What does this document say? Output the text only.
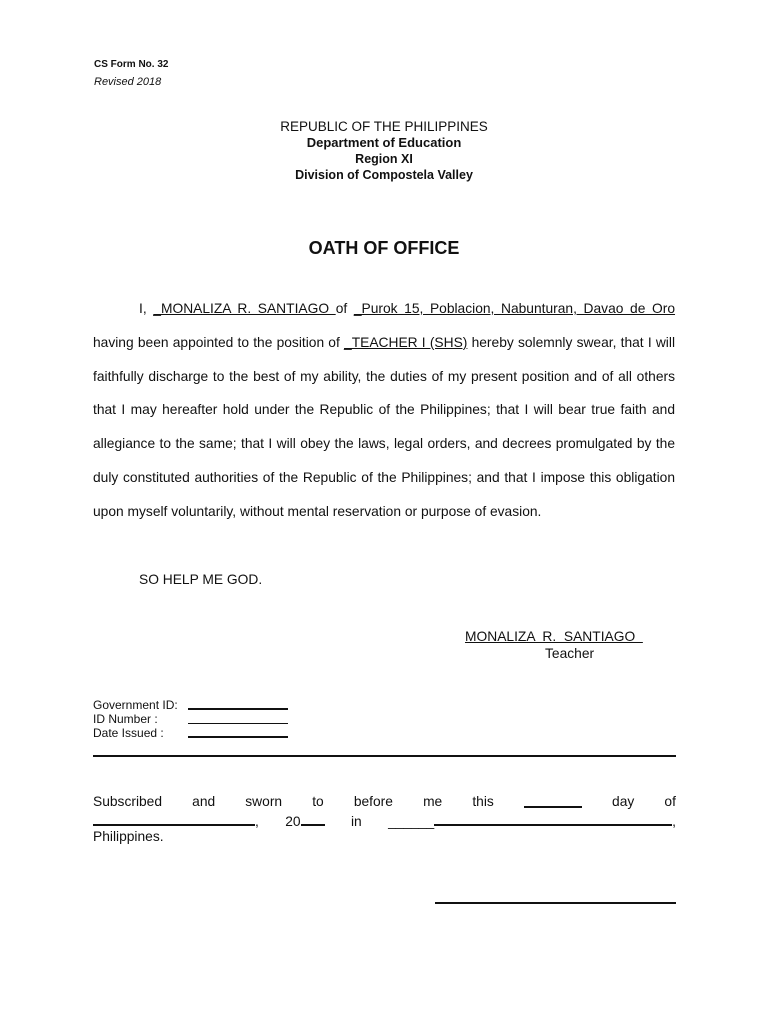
CS Form No. 32
Revised 2018
REPUBLIC OF THE PHILIPPINES
Department of Education
Region XI
Division of Compostela Valley
OATH OF OFFICE

I, _MONALIZA R. SANTIAGO of _Purok 15, Poblacion, Nabunturan, Davao de Oro having been appointed to the position of _TEACHER I (SHS) hereby solemnly swear, that I will faithfully discharge to the best of my ability, the duties of my present position and of all others that I may hereafter hold under the Republic of the Philippines; that I will bear true faith and allegiance to the same; that I will obey the laws, legal orders, and decrees promulgated by the duly constituted authorities of the Republic of the Philippines; and that I impose this obligation upon myself voluntarily, without mental reservation or purpose of evasion.

SO HELP ME GOD.
MONALIZA  R.  SANTIAGO
Teacher
Government ID:
ID Number :
Date Issued :
Subscribed and sworn to before me this	day of
, 20	in ______	,
Philippines.
